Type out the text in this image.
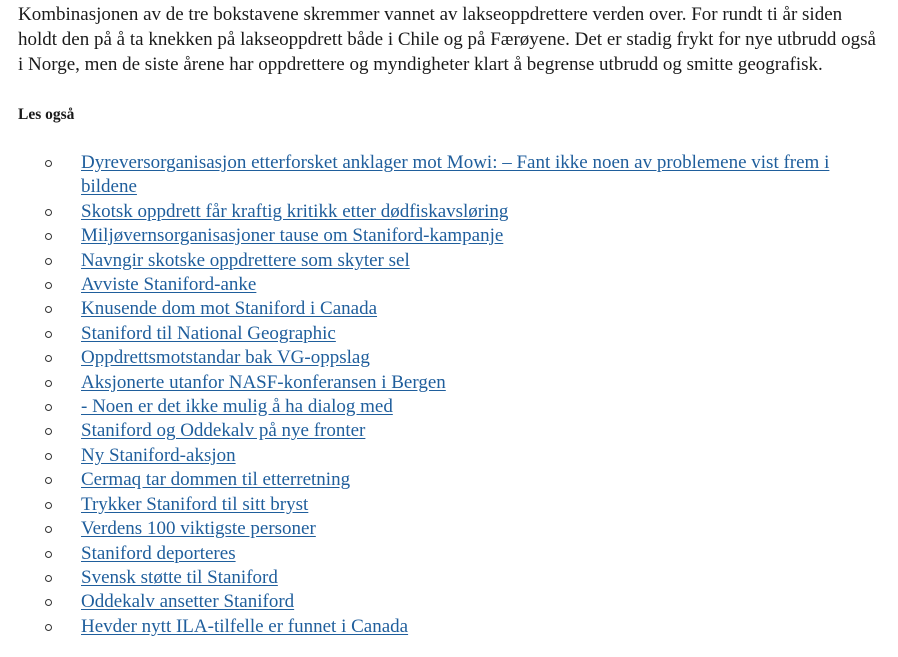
Kombinasjonen av de tre bokstavene skremmer vannet av lakseoppdrettere verden over. For rundt ti år siden holdt den på å ta knekken på lakseoppdrett både i Chile og på Færøyene. Det er stadig frykt for nye utbrudd også i Norge, men de siste årene har oppdrettere og myndigheter klart å begrense utbrudd og smitte geografisk.

Les også
Dyreversorganisasjon etterforsket anklager mot Mowi: – Fant ikke noen av problemene vist frem i bildene
Skotsk oppdrett får kraftig kritikk etter dødfiskavsløring
Miljøvernsorganisasjoner tause om Staniford-kampanje
Navngir skotske oppdrettere som skyter sel
Avviste Staniford-anke
Knusende dom mot Staniford i Canada
Staniford til National Geographic
Oppdrettsmotstandar bak VG-oppslag
Aksjonerte utanfor NASF-konferansen i Bergen
- Noen er det ikke mulig å ha dialog med
Staniford og Oddekalv på nye fronter
Ny Staniford-aksjon
Cermaq tar dommen til etterretning
Trykker Staniford til sitt bryst
Verdens 100 viktigste personer
Staniford deporteres
Svensk støtte til Staniford
Oddekalv ansetter Staniford
Hevder nytt ILA-tilfelle er funnet i Canada
